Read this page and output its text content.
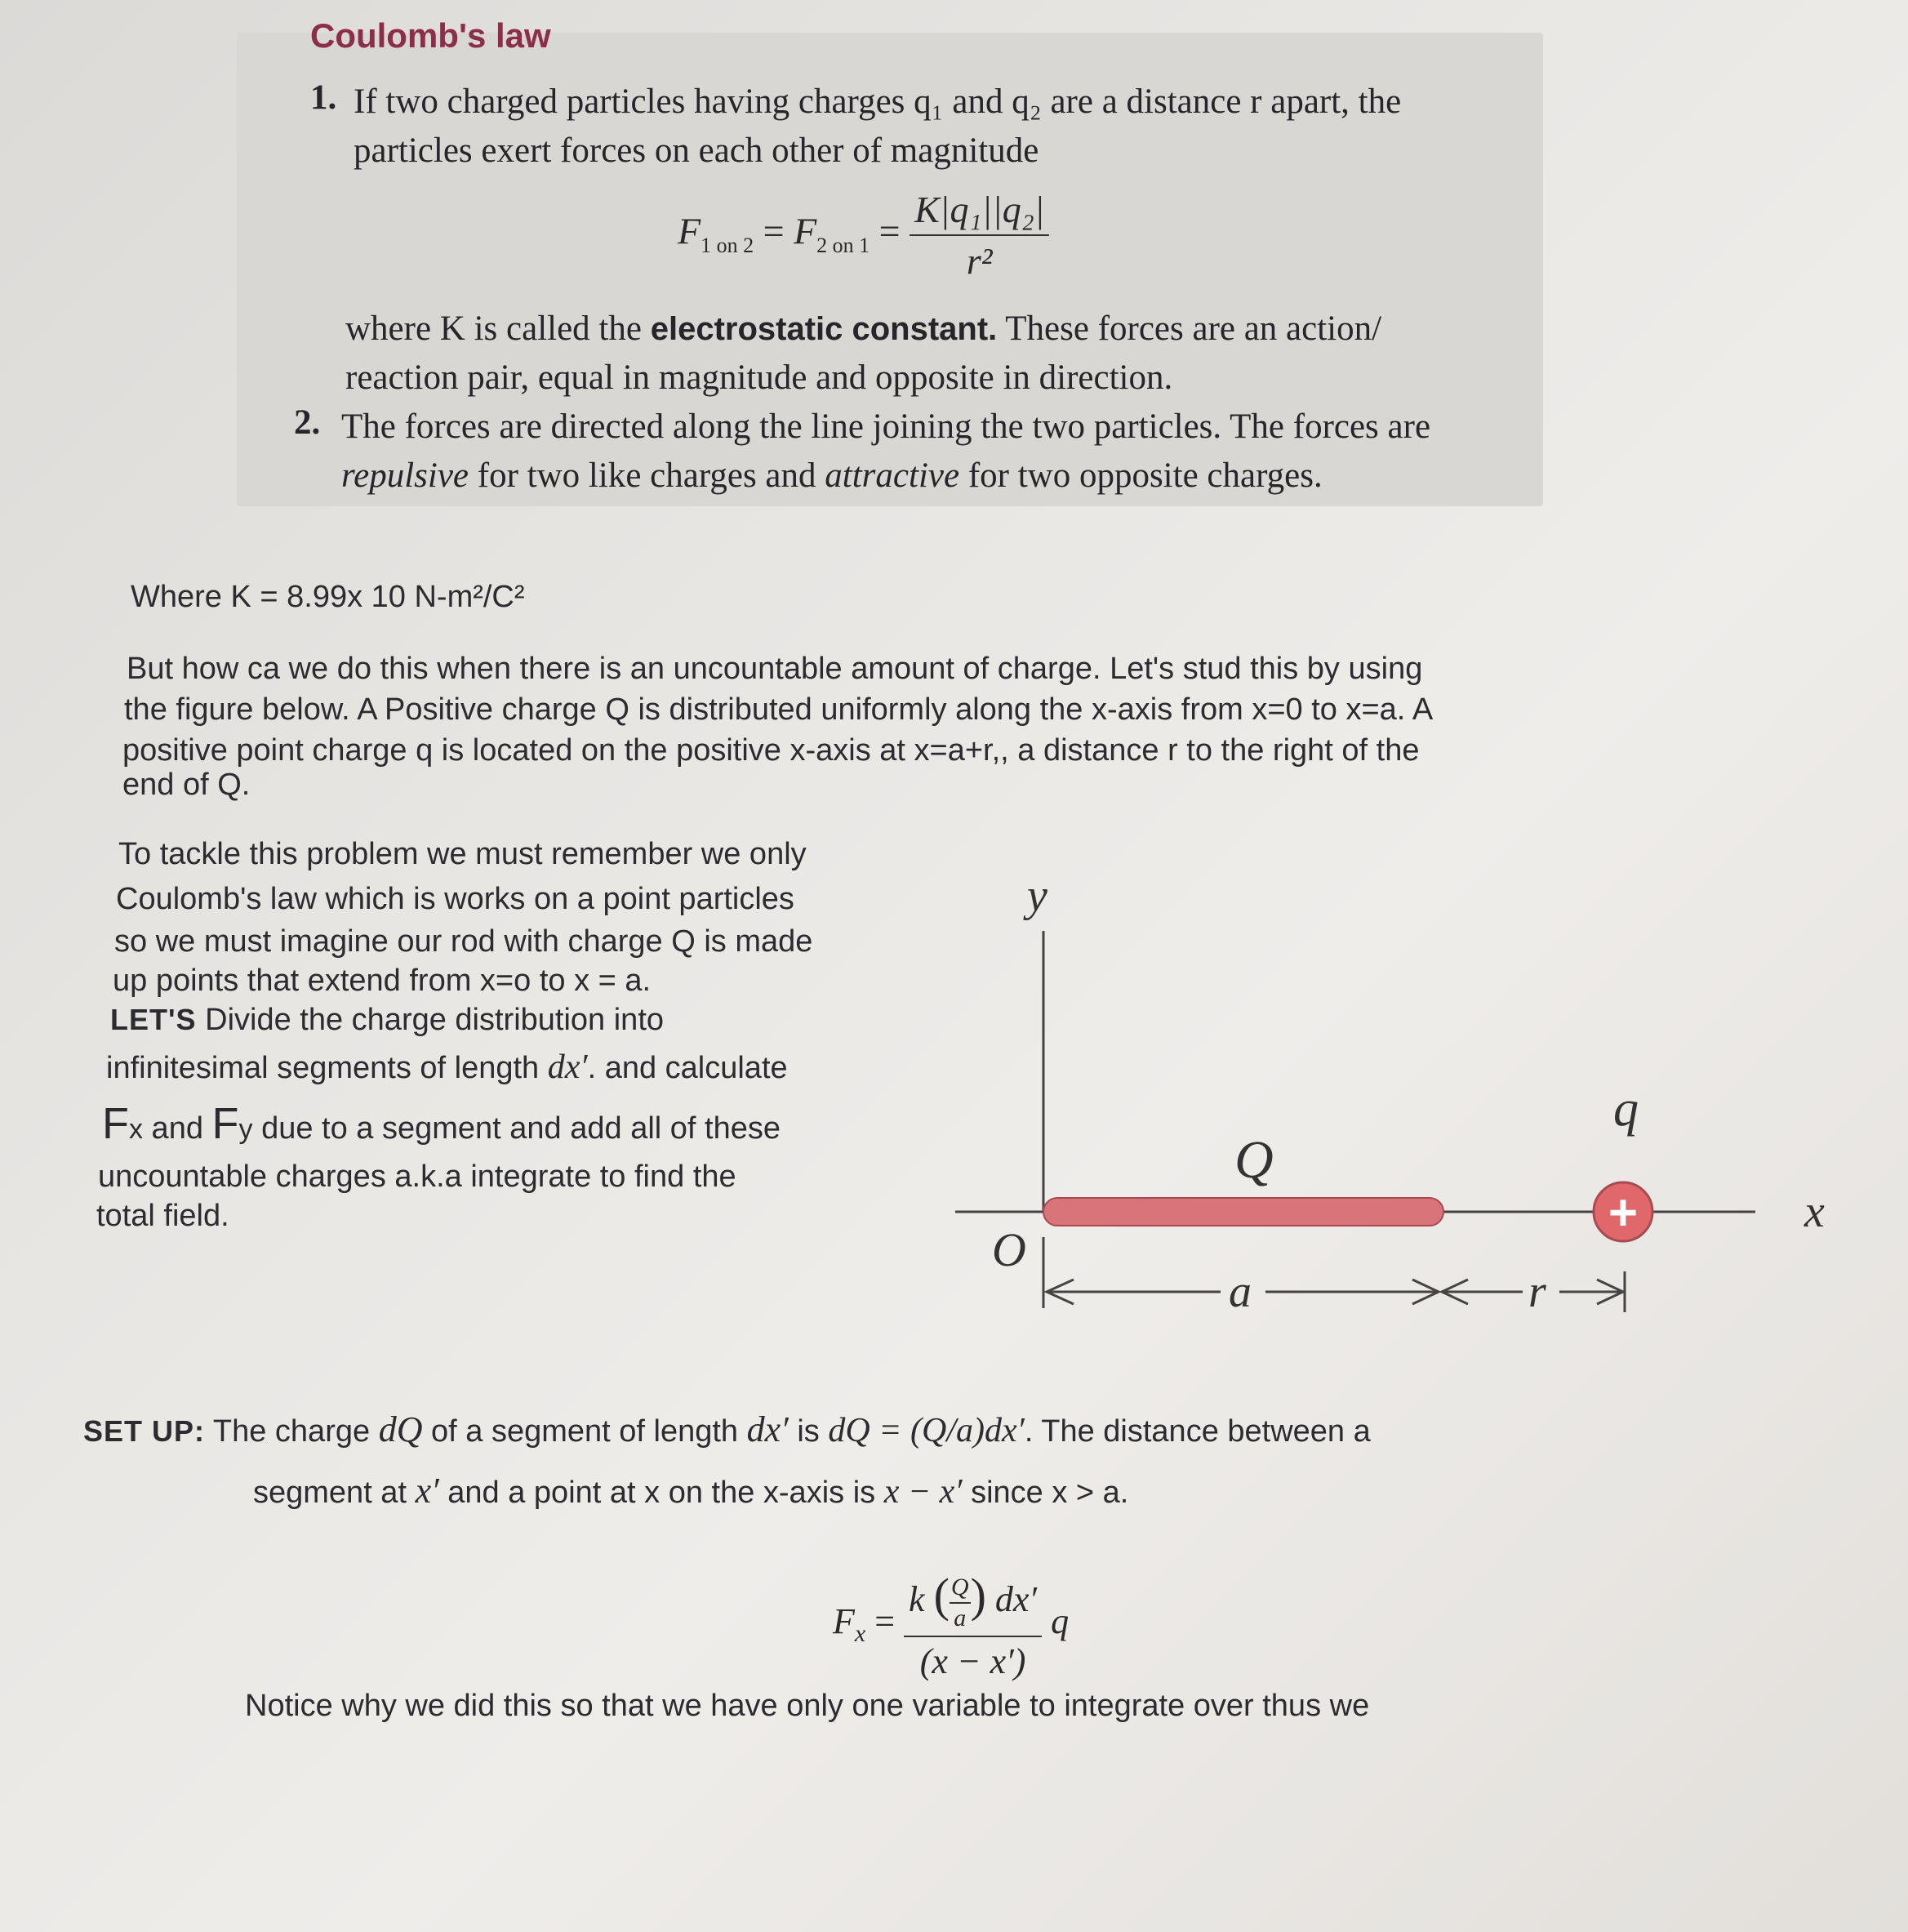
Coulomb's law
1. If two charged particles having charges q₁ and q₂ are a distance r apart, the
particles exert forces on each other of magnitude
$F_{1 on 2} = F_{2 on 1} = \frac{\text{K|q₁||q₂|}}{\text{r²}}$
where K is called the electrostatic constant. These forces are an action/
reaction pair, equal in magnitude and opposite in direction.
2. The forces are directed along the line joining the two particles. The forces are
repulsive for two like charges and attractive for two opposite charges.
Where K = 8.99x 10 N-m²/C²
But how ca we do this when there is an uncountable amount of charge. Let's stud this by using
the figure below. A Positive charge Q is distributed uniformly along the x-axis from x=0 to x=a. A
positive point charge q is located on the positive x-axis at x=a+r,, a distance r to the right of the
end of Q.
To tackle this problem we must remember we only
Coulomb's law which is works on a point particles
so we must imagine our rod with charge Q is made
up points that extend from x=o to x = a.
LET'S Divide the charge distribution into
infinitesimal segments of length dx′. and calculate
Fx and Fy due to a segment and add all of these
uncountable charges a.k.a integrate to find the
total field.
y
x
O
Q
+
q
a	r
SET UP: The charge dQ of a segment of length dx′ is dQ = (Q/a)dx′. The distance between a
segment at x′ and a point at x on the x-axis is x − x′ since x > a.
$F_x = \frac{k ( \frac{Q}{a} ) dx'}{(x - x')}$ q
Notice why we did this so that we have only one variable to integrate over thus we
